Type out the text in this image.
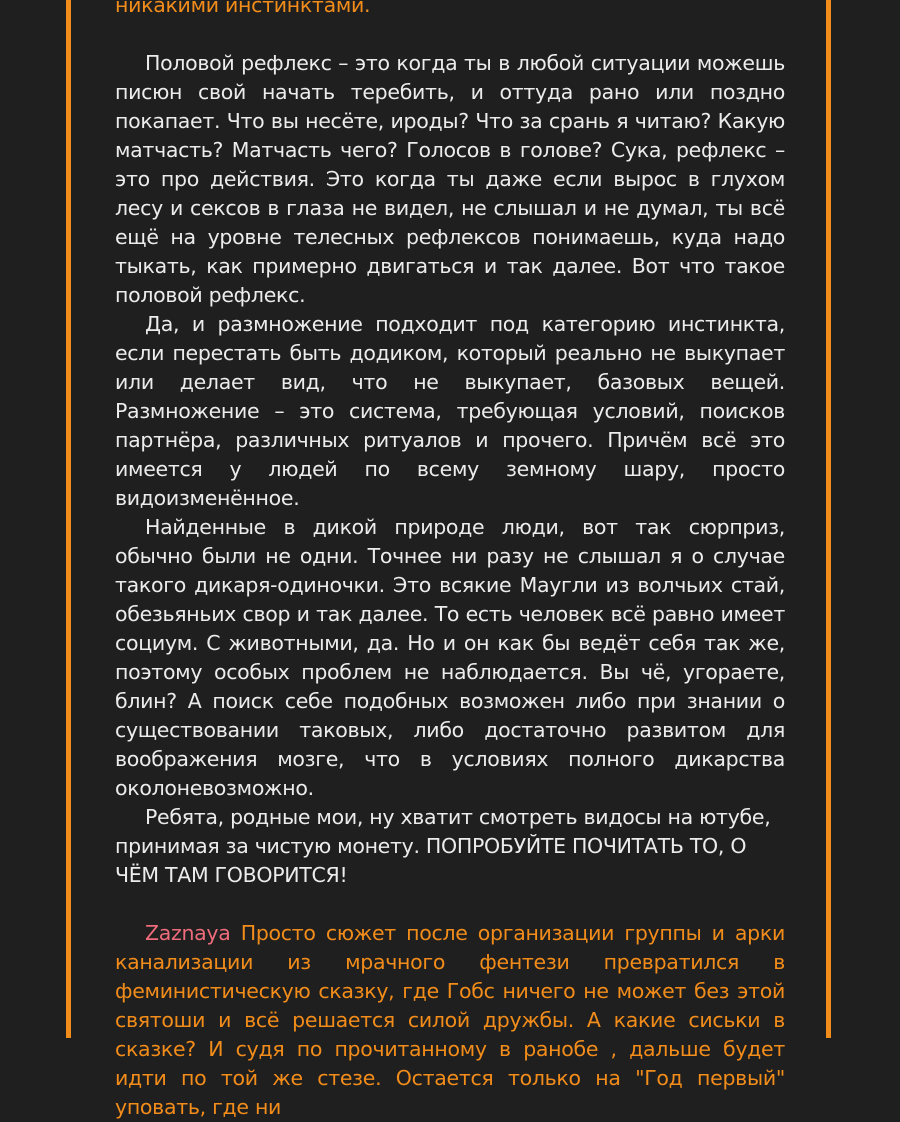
никакими инстинктами.

Половой рефлекс – это когда ты в любой ситуации можешь писюн свой начать теребить, и оттуда рано или поздно покапает. Что вы несёте, ироды? Что за срань я читаю? Какую матчасть? Матчасть чего? Голосов в голове? Сука, рефлекс – это про действия. Это когда ты даже если вырос в глухом лесу и сексов в глаза не видел, не слышал и не думал, ты всё ещё на уровне телесных рефлексов понимаешь, куда надо тыкать, как примерно двигаться и так далее. Вот что такое половой рефлекс.

Да, и размножение подходит под категорию инстинкта, если перестать быть додиком, который реально не выкупает или делает вид, что не выкупает, базовых вещей. Размножение – это система, требующая условий, поисков партнёра, различных ритуалов и прочего. Причём всё это имеется у людей по всему земному шару, просто видоизменённое.

Найденные в дикой природе люди, вот так сюрприз, обычно были не одни. Точнее ни разу не слышал я о случае такого дикаря-одиночки. Это всякие Маугли из волчьих стай, обезьяньих свор и так далее. То есть человек всё равно имеет социум. С животными, да. Но и он как бы ведёт себя так же, поэтому особых проблем не наблюдается. Вы чё, угораете, блин? А поиск себе подобных возможен либо при знании о существовании таковых, либо достаточно развитом для воображения мозге, что в условиях полного дикарства околоневозможно.

Ребята, родные мои, ну хватит смотреть видосы на ютубе, принимая за чистую монету. ПОПРОБУЙТЕ ПОЧИТАТЬ ТО, О ЧЁМ ТАМ ГОВОРИТСЯ!

Zaznaya Просто сюжет после организации группы и арки канализации из мрачного фентези превратился в феминистическую сказку, где Гобс ничего не может без этой святоши и всё решается силой дружбы. А какие сиськи в сказке? И судя по прочитанному в ранобе , дальше будет идти по той же стезе. Остается только на "Год первый" уповать, где ни
